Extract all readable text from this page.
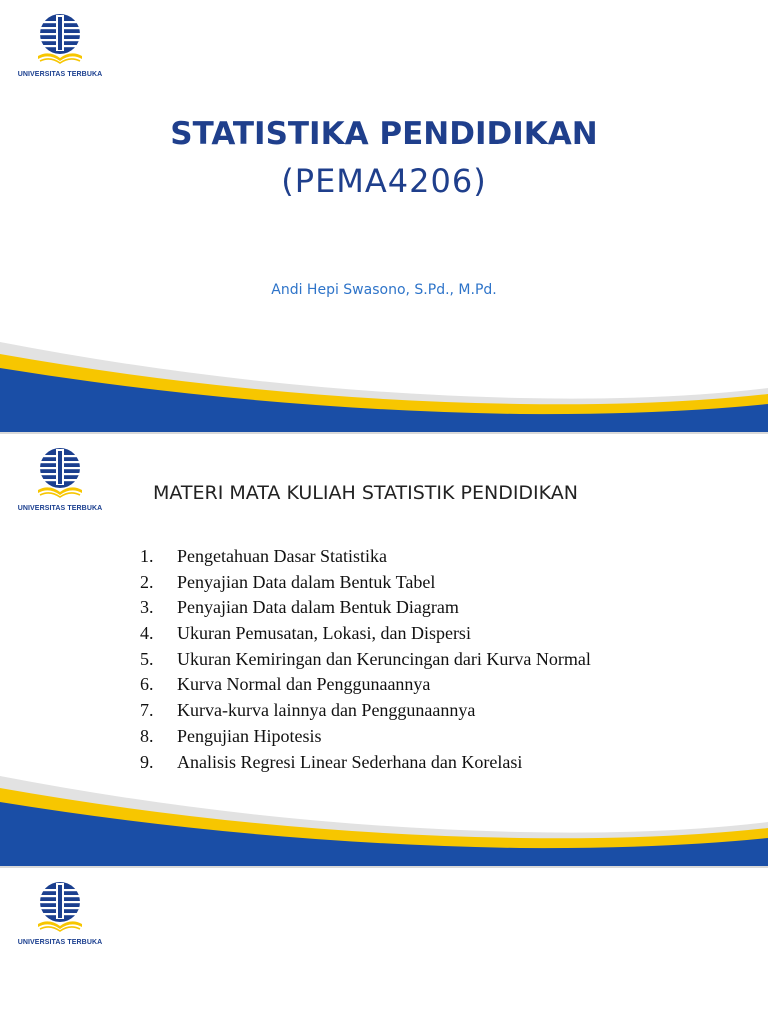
UNIVERSITAS TERBUKA
STATISTIKA PENDIDIKAN
(PEMA4206)
Andi Hepi Swasono, S.Pd., M.Pd.
UNIVERSITAS TERBUKA
MATERI MATA KULIAH STATISTIK PENDIDIKAN
1. Pengetahuan Dasar Statistika
2. Penyajian Data dalam Bentuk Tabel
3. Penyajian Data dalam Bentuk Diagram
4. Ukuran Pemusatan, Lokasi, dan Dispersi
5. Ukuran Kemiringan dan Keruncingan dari Kurva Normal
6. Kurva Normal dan Penggunaannya
7. Kurva-kurva lainnya dan Penggunaannya
8. Pengujian Hipotesis
9. Analisis Regresi Linear Sederhana dan Korelasi
UNIVERSITAS TERBUKA
